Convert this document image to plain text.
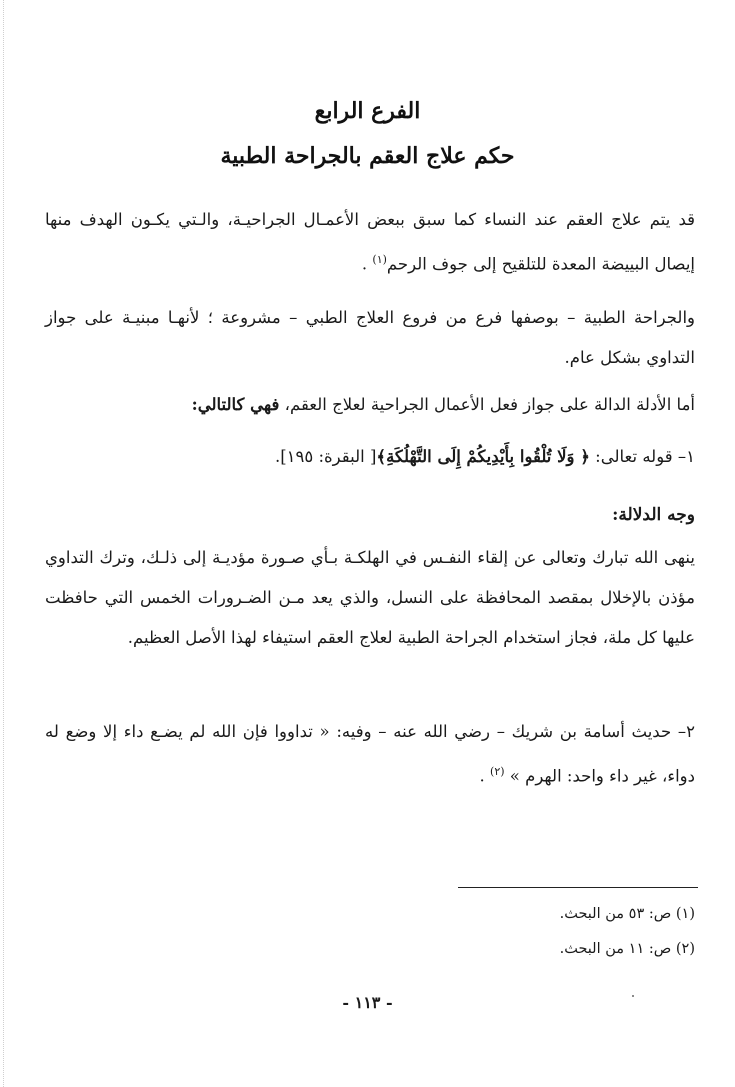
الفرع الرابع
حكم علاج العقم بالجراحة الطبية

قد يتم علاج العقم عند النساء كما سبق ببعض الأعمـال الجراحيـة، والـتي يكـون الهدف منها إيصال البييضة المعدة للتلقيح إلى جوف الرحم$^{(١)}$ .

والجراحة الطبية – بوصفها فرع من فروع العلاج الطبي – مشروعة ؛ لأنهـا مبنيـة على جواز التداوي بشكل عام.

أما الأدلة الدالة على جواز فعل الأعمال الجراحية لعلاج العقم، فهي كالتالي:

١– قوله تعالى: ﴿ وَلَا تُلْقُوا بِأَيْدِيكُمْ إِلَى التَّهْلُكَةِ﴾[ البقرة: ١٩٥].

وجه الدلالة:

ينهى الله تبارك وتعالى عن إلقاء النفـس في الهلكـة بـأي صـورة مؤديـة إلى ذلـك، وترك التداوي مؤذن بالإخلال بمقصد المحافظة على النسل، والذي يعد مـن الضـرورات الخمس التي حافظت عليها كل ملة، فجاز استخدام الجراحة الطبية لعلاج العقم استيفاء لهذا الأصل العظيم.

٢– حديث أسامة بن شريك – رضي الله عنه – وفيه: « تداووا فإن الله لم يضـع داء إلا وضع له دواء، غير داء واحد: الهرم » $^{(٢)}$ .

(١) ص: ٥٣ من البحث.
(٢) ص: ١١ من البحث.
- ١١٣ -
